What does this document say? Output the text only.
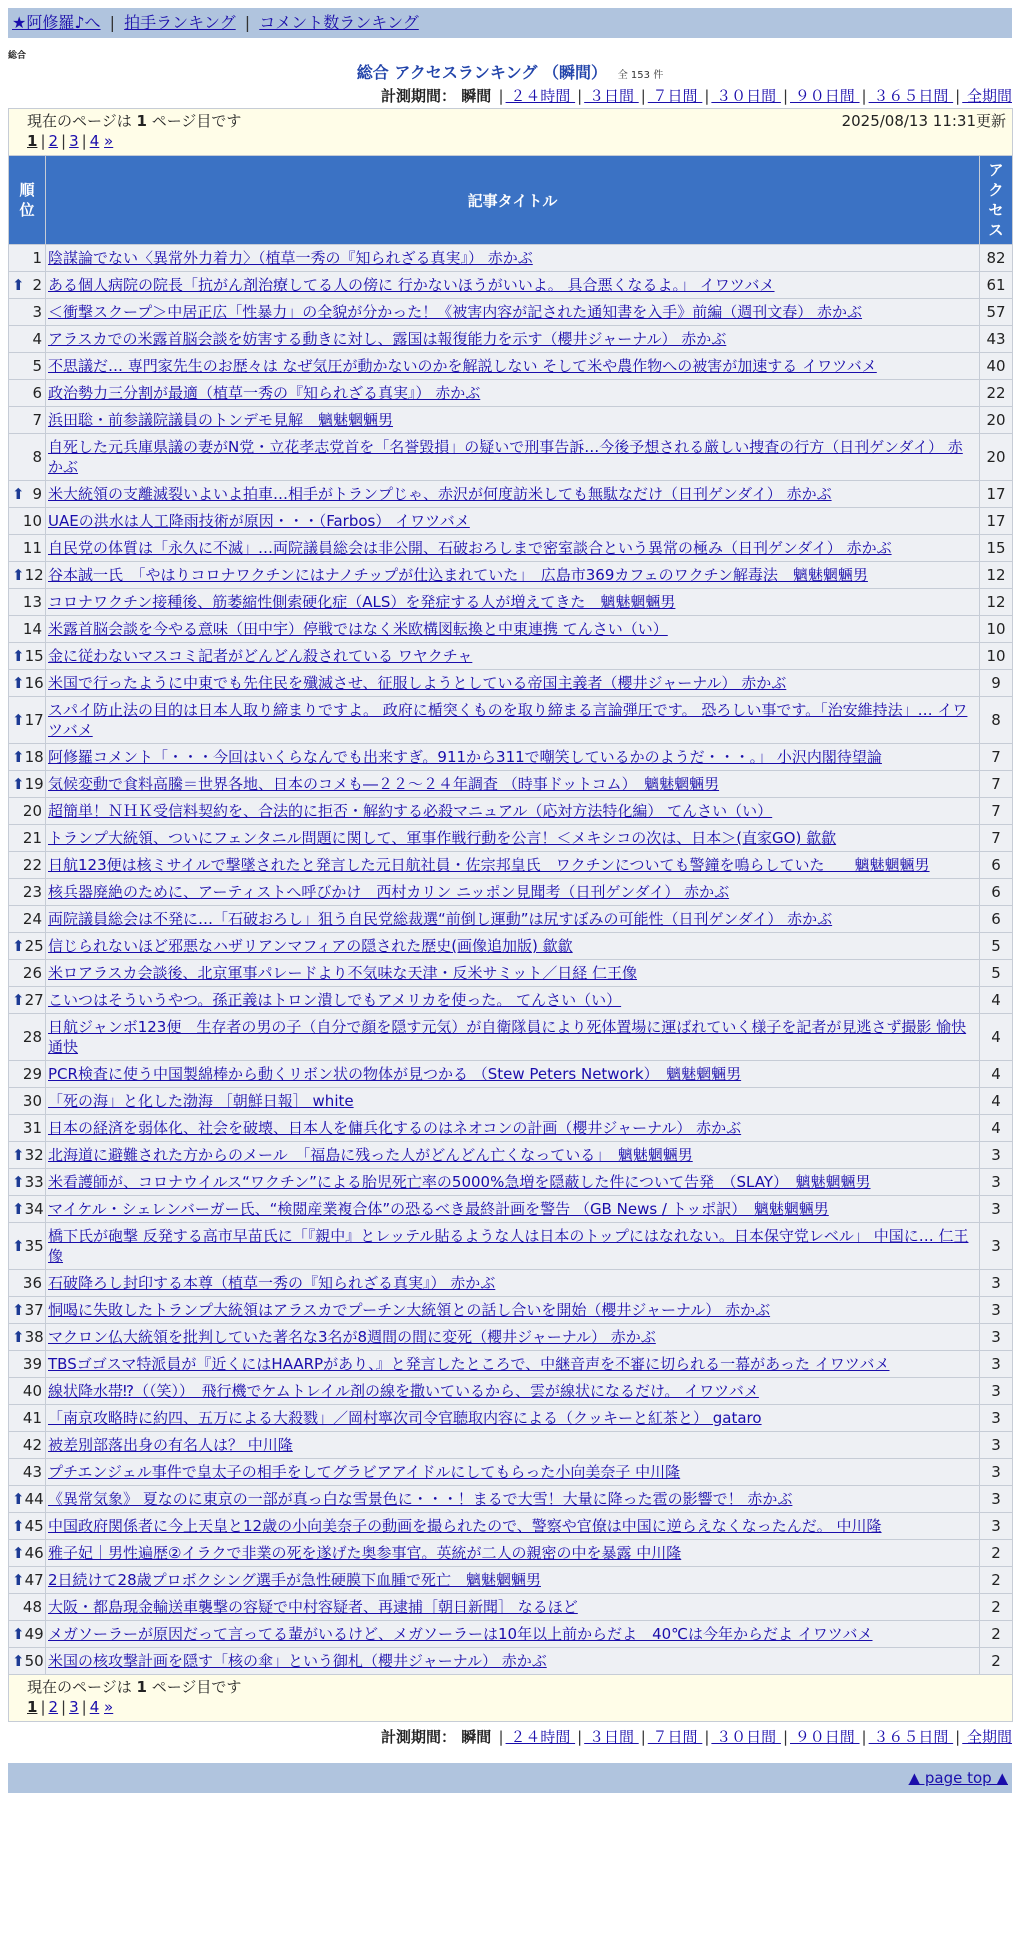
★阿修羅♪へ | 拍手ランキング | コメント数ランキング
総合
総合 アクセスランキング （瞬間） 全 153 件
計測期間： 瞬間 | ２４時間 | ３日間 | ７日間 | ３０日間 | ９０日間 | ３６５日間 | 全期間
現在のページは 1 ページ目です 2025/08/13 11:31更新
1 | 2 | 3 | 4 »		

順
位	記事タイトル	アク
セス
1	陰謀論でない〈異常外力着力〉（植草一秀の『知られざる真実』） 赤かぶ	82

⬆ 2	ある個人病院の院長「抗がん剤治療してる人の傍に 行かないほうがいいよ。 具合悪くなるよ。」 イワツバメ	61
3	＜衝撃スクープ＞中居正広「性暴力」の全貌が分かった！《被害内容が記された通知書を入手》前編（週刊文春） 赤かぶ	57
4	アラスカでの米露首脳会談を妨害する動きに対し、露国は報復能力を示す（櫻井ジャーナル） 赤かぶ	43
5	不思議だ… 専門家先生のお歴々は なぜ気圧が動かないのかを解説しない そして米や農作物への被害が加速する イワツバメ	40
6	政治勢力三分割が最適（植草一秀の『知られざる真実』） 赤かぶ	22
7	浜田聡・前参議院議員のトンデモ見解　魑魅魍魎男	20
8	自死した元兵庫県議の妻がN党・立花孝志党首を「名誉毀損」の疑いで刑事告訴…今後予想される厳しい捜査の行方（日刊ゲンダイ） 赤かぶ	20

⬆ 9	米大統領の支離滅裂いよいよ拍車…相手がトランプじゃ、赤沢が何度訪米しても無駄なだけ（日刊ゲンダイ） 赤かぶ	17
10	UAEの洪水は人工降雨技術が原因・・・（Farbos） イワツバメ	17
11	自民党の体質は「永久に不滅」…両院議員総会は非公開、石破おろしまで密室談合という異常の極み（日刊ゲンダイ） 赤かぶ	15

⬆ 12	谷本誠一氏　「やはりコロナワクチンにはナノチップが仕込まれていた」　広島市369カフェのワクチン解毒法　魑魅魍魎男	12
13	コロナワクチン接種後、筋萎縮性側索硬化症（ALS）を発症する人が増えてきた　魑魅魍魎男	12
14	米露首脳会談を今やる意味（田中宇）停戦ではなく米欧構図転換と中東連携 てんさい（い）	10

⬆ 15	金に従わないマスコミ記者がどんどん殺されている ワヤクチャ	10

⬆ 16	米国で行ったように中東でも先住民を殲滅させ、征服しようとしている帝国主義者（櫻井ジャーナル） 赤かぶ	9

⬆ 17	スパイ防止法の目的は日本人取り締まりですよ。 政府に楯突くものを取り締まる言論弾圧です。 恐ろしい事です。「治安維持法」… イワツバメ	8

⬆ 18	阿修羅コメント「・・・今回はいくらなんでも出来すぎ。911から311で嘲笑しているかのようだ・・・。」 小沢内閣待望論	7

⬆ 19	気候変動で食料高騰＝世界各地、日本のコメも―２２～２４年調査 （時事ドットコム）　魑魅魍魎男	7
20	超簡単！ＮＨＫ受信料契約を、合法的に拒否・解約する必殺マニュアル（応対方法特化編） てんさい（い）	7
21	トランプ大統領、ついにフェンタニル問題に関して、軍事作戦行動を公言！＜メキシコの次は、日本＞(直家GO) 歙歙	7
22	日航123便は核ミサイルで撃墜されたと発言した元日航社員・佐宗邦皇氏　ワクチンについても警鐘を鳴らしていた　　魑魅魍魎男	6
23	核兵器廃絶のために、アーティストへ呼びかけ　西村カリン ニッポン見聞考（日刊ゲンダイ） 赤かぶ	6
24	両院議員総会は不発に…「石破おろし」狙う自民党総裁選“前倒し運動”は尻すぼみの可能性（日刊ゲンダイ） 赤かぶ	6

⬆ 25	信じられないほど邪悪なハザリアンマフィアの隠された歴史(画像追加版) 歙歙	5
26	米ロアラスカ会談後、北京軍事パレードより不気味な天津・反米サミット／日経 仁王像	5

⬆ 27	こいつはそういうやつ。孫正義はトロン潰しでもアメリカを使った。 てんさい（い）	4
28	日航ジャンボ123便　生存者の男の子（自分で顔を隠す元気）が自衛隊員により死体置場に運ばれていく様子を記者が見逃さず撮影 愉快通快	4
29	PCR検査に使う中国製綿棒から動くリボン状の物体が見つかる （Stew Peters Network）　魑魅魍魎男	4
30	「死の海」と化した渤海 ［朝鮮日報］ white	4
31	日本の経済を弱体化、社会を破壊、日本人を傭兵化するのはネオコンの計画（櫻井ジャーナル） 赤かぶ	4

⬆ 32	北海道に避難された方からのメール　「福島に残った人がどんどん亡くなっている」　魑魅魍魎男	3

⬆ 33	米看護師が、コロナウイルス“ワクチン”による胎児死亡率の5000%急増を隠蔽した件について告発　（SLAY）　魑魅魍魎男	3

⬆ 34	マイケル・シェレンバーガー氏、“検閲産業複合体”の恐るべき最終計画を警告 （GB News / トッポ訳）　魑魅魍魎男	3

⬆ 35	橋下氏が砲撃 反発する高市早苗氏に「『親中』とレッテル貼るような人は日本のトップにはなれない。日本保守党レベル」 中国に… 仁王像	3
36	石破降ろし封印する本尊（植草一秀の『知られざる真実』） 赤かぶ	3

⬆ 37	恫喝に失敗したトランプ大統領はアラスカでプーチン大統領との話し合いを開始（櫻井ジャーナル） 赤かぶ	3

⬆ 38	マクロン仏大統領を批判していた著名な3名が8週間の間に変死（櫻井ジャーナル） 赤かぶ	3
39	TBSゴゴスマ特派員が『近くにはHAARPがあり、』と発言したところで、中継音声を不審に切られる一幕があった イワツバメ	3
40	線状降水帯⁉（（笑））　飛行機でケムトレイル剤の線を撒いているから、雲が線状になるだけ。 イワツバメ	3
41	「南京攻略時に約四、五万による大殺戮」／岡村寧次司令官聴取内容による（クッキーと紅茶と） gataro	3
42	被差別部落出身の有名人は？ 中川隆	3
43	プチエンジェル事件で皇太子の相手をしてグラビアアイドルにしてもらった小向美奈子 中川隆	3

⬆ 44	《異常気象》 夏なのに東京の一部が真っ白な雪景色に・・・！まるで大雪！大量に降った雹の影響で！ 赤かぶ	3

⬆ 45	中国政府関係者に今上天皇と12歳の小向美奈子の動画を撮られたので、警察や官僚は中国に逆らえなくなったんだ。 中川隆	3

⬆ 46	雅子妃｜男性遍歴②イラクで非業の死を遂げた奥参事官。英統が二人の親密の中を暴露 中川隆	2

⬆ 47	2日続けて28歳プロボクシング選手が急性硬膜下血腫で死亡　魑魅魍魎男	2
48	大阪・都島現金輸送車襲撃の容疑で中村容疑者、再逮捕［朝日新聞］ なるほど	2

⬆ 49	メガソーラーが原因だって言ってる輩がいるけど、メガソーラーは10年以上前からだよ　40℃は今年からだよ イワツバメ	2

⬆ 50	米国の核攻撃計画を隠す「核の傘」という御札（櫻井ジャーナル） 赤かぶ	2

現在のページは 1 ページ目です
1 | 2 | 3 | 4 »		
計測期間： 瞬間 | ２４時間 | ３日間 | ７日間 | ３０日間 | ９０日間 | ３６５日間 | 全期間
▲ page top ▲
